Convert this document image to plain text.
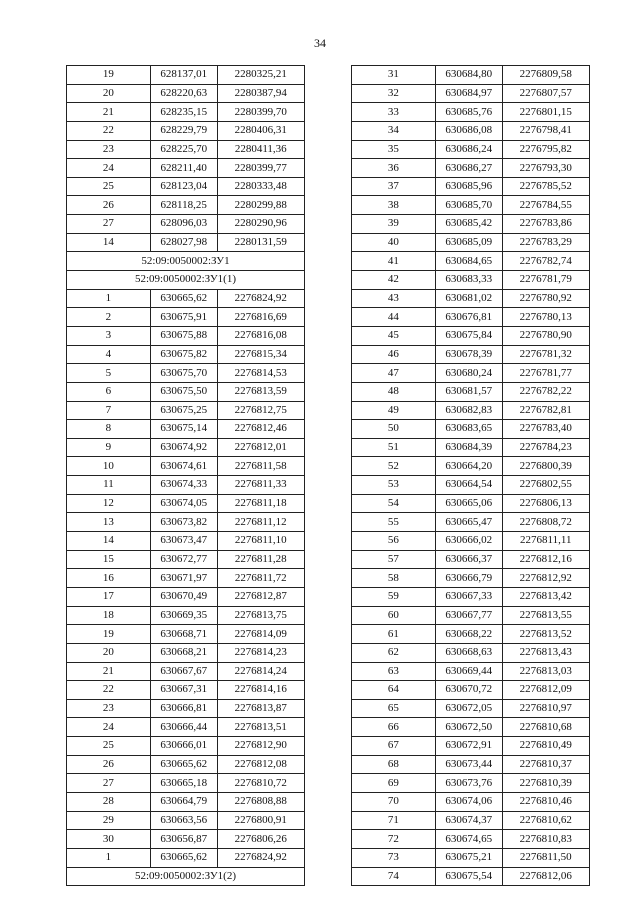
34
19	628137,01	2280325,21
20	628220,63	2280387,94
21	628235,15	2280399,70
22	628229,79	2280406,31
23	628225,70	2280411,36
24	628211,40	2280399,77
25	628123,04	2280333,48
26	628118,25	2280299,88
27	628096,03	2280290,96
14	628027,98	2280131,59
52:09:0050002:ЗУ1		
52:09:0050002:ЗУ1(1)		
1	630665,62	2276824,92
2	630675,91	2276816,69
3	630675,88	2276816,08
4	630675,82	2276815,34
5	630675,70	2276814,53
6	630675,50	2276813,59
7	630675,25	2276812,75
8	630675,14	2276812,46
9	630674,92	2276812,01
10	630674,61	2276811,58
11	630674,33	2276811,33
12	630674,05	2276811,18
13	630673,82	2276811,12
14	630673,47	2276811,10
15	630672,77	2276811,28
16	630671,97	2276811,72
17	630670,49	2276812,87
18	630669,35	2276813,75
19	630668,71	2276814,09
20	630668,21	2276814,23
21	630667,67	2276814,24
22	630667,31	2276814,16
23	630666,81	2276813,87
24	630666,44	2276813,51
25	630666,01	2276812,90
26	630665,62	2276812,08
27	630665,18	2276810,72
28	630664,79	2276808,88
29	630663,56	2276800,91
30	630656,87	2276806,26
1	630665,62	2276824,92
52:09:0050002:ЗУ1(2)		
31	630684,80	2276809,58
32	630684,97	2276807,57
33	630685,76	2276801,15
34	630686,08	2276798,41
35	630686,24	2276795,82
36	630686,27	2276793,30
37	630685,96	2276785,52
38	630685,70	2276784,55
39	630685,42	2276783,86
40	630685,09	2276783,29
41	630684,65	2276782,74
42	630683,33	2276781,79
43	630681,02	2276780,92
44	630676,81	2276780,13
45	630675,84	2276780,90
46	630678,39	2276781,32
47	630680,24	2276781,77
48	630681,57	2276782,22
49	630682,83	2276782,81
50	630683,65	2276783,40
51	630684,39	2276784,23
52	630664,20	2276800,39
53	630664,54	2276802,55
54	630665,06	2276806,13
55	630665,47	2276808,72
56	630666,02	2276811,11
57	630666,37	2276812,16
58	630666,79	2276812,92
59	630667,33	2276813,42
60	630667,77	2276813,55
61	630668,22	2276813,52
62	630668,63	2276813,43
63	630669,44	2276813,03
64	630670,72	2276812,09
65	630672,05	2276810,97
66	630672,50	2276810,68
67	630672,91	2276810,49
68	630673,44	2276810,37
69	630673,76	2276810,39
70	630674,06	2276810,46
71	630674,37	2276810,62
72	630674,65	2276810,83
73	630675,21	2276811,50
74	630675,54	2276812,06
